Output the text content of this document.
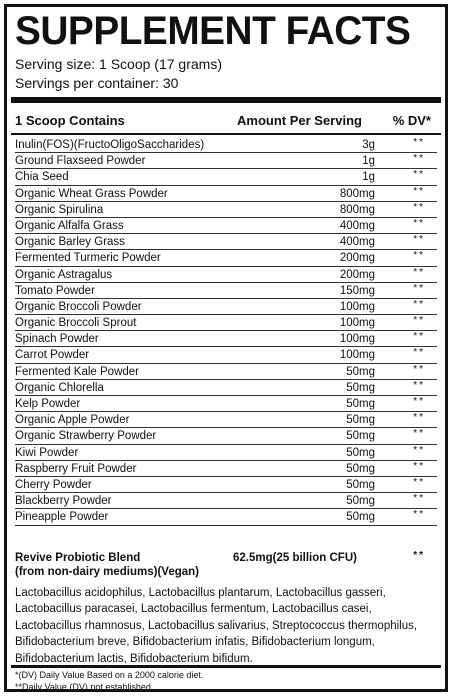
SUPPLEMENT FACTS
Serving size: 1 Scoop (17 grams)
Servings per container: 30
1 Scoop Contains	Amount Per Serving % DV*
Inulin(FOS)(FructoOligoSaccharides)	3g	**
Ground Flaxseed Powder	1g	**
Chia Seed	1g	**
Organic Wheat Grass Powder	800mg	**
Organic Spirulina	800mg	**
Organic Alfalfa Grass	400mg	**
Organic Barley Grass	400mg	**
Fermented Turmeric Powder	200mg	**
Organic Astragalus	200mg	**
Tomato Powder	150mg	**
Organic Broccoli Powder	100mg	**
Organic Broccoli Sprout	100mg	**
Spinach Powder	100mg	**
Carrot Powder	100mg	**
Fermented Kale Powder	50mg	**
Organic Chlorella	50mg	**
Kelp Powder	50mg	**
Organic Apple Powder	50mg	**
Organic Strawberry Powder	50mg	**
Kiwi Powder	50mg	**
Raspberry Fruit Powder	50mg	**
Cherry Powder	50mg	**
Blackberry Powder	50mg	**
Pineapple Powder	50mg	**
Revive Probiotic Blend
(from non-dairy mediums)(Vegan)
62.5mg(25 billion CFU)	**
Lactobacillus acidophilus, Lactobacillus plantarum, Lactobacillus gasseri,
Lactobacillus paracasei, Lactobacillus fermentum, Lactobacillus casei,
Lactobacillus rhamnosus, Lactobacillus salivarius, Streptococcus thermophilus,
Bifidobacterium breve, Bifidobacterium infatis, Bifidobacterium longum,
Bifidobacterium lactis, Bifidobacterium bifidum.
*(DV) Daily Value Based on a 2000 calorie diet.
**Daily Value (DV) not established
